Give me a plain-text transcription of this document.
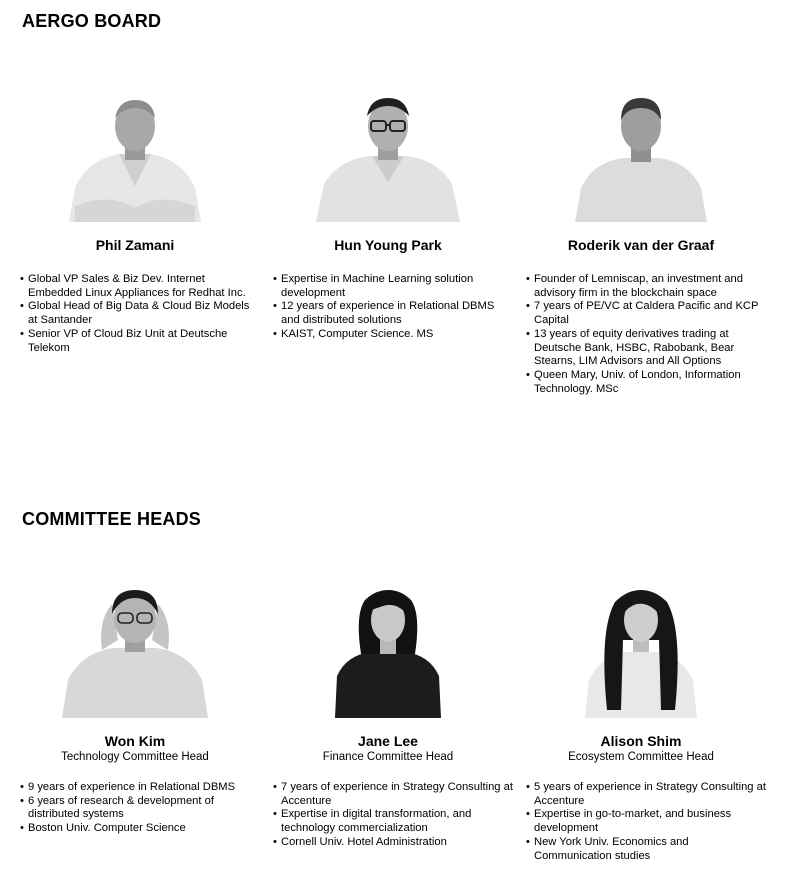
AERGO BOARD
Phil Zamani
• Global VP Sales & Biz Dev. Internet Embedded Linux Appliances for Redhat Inc.
• Global Head of Big Data & Cloud Biz Models at Santander
• Senior VP of Cloud Biz Unit at Deutsche Telekom
Hun Young Park
• Expertise in Machine Learning solution development
• 12 years of experience in Relational DBMS and distributed solutions
• KAIST, Computer Science. MS
Roderik van der Graaf
• Founder of Lemniscap, an investment and advisory firm in the blockchain space
• 7 years of PE/VC at Caldera Pacific and KCP Capital
• 13 years of equity derivatives trading at Deutsche Bank, HSBC, Rabobank, Bear Stearns, LIM Advisors and All Options
• Queen Mary, Univ. of London, Information Technology. MSc
COMMITTEE HEADS
Won Kim
Technology Committee Head
• 9 years of experience in Relational DBMS
• 6 years of research & development of distributed systems
• Boston Univ. Computer Science
Jane Lee
Finance Committee Head
• 7 years of experience in Strategy Consulting at Accenture
• Expertise in digital transformation, and technology commercialization
• Cornell Univ. Hotel Administration
Alison Shim
Ecosystem Committee Head
• 5 years of experience in Strategy Consulting at Accenture
• Expertise in go-to-market, and business development
• New York Univ. Economics and Communication studies
